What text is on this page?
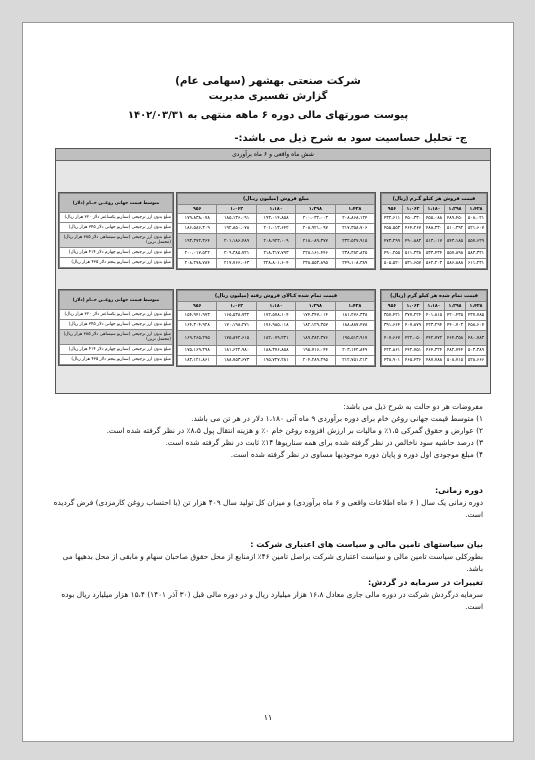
شرکت صنعتی بهشهر (سهامی عام)
گزارش تفسیری مدیریت
پیوست صورتهای مالی دوره ۶ ماهه منتهی به ۱۴۰۲/۰۳/۳۱
ج- تحلیل حساسیت سود به شرح ذیل می باشد:-
شش ماه واقعی و ۶ ماه برآوردی
قیمت فروش هر کیلو گـرم (ریال)				
۱،۴۲۸	۱،۲۹۸	۱،۱۸۰	۱،۰۶۲	۹۵۶
۵۰۸،۰۲۱	۴۸۹،۴۵۰	۴۵۵،۰۸۸	۴۵۰،۳۳۰	۴۳۲،۶۱۱
۵۲۱،۶۰۷	۵۱۰،۳۹۲	۴۸۸،۳۳۰	۴۶۴،۲۶۷	۴۵۵،۵۵۳
۵۵۷،۶۲۹	۵۴۳،۱۸۵	۵۱۳،۰۱۷	۴۹۰،۸۸۳	۴۷۳،۲۹۹
۵۸۳،۳۲۱	۵۵۷،۸۹۸	۵۳۳،۴۳۴	۵۱۱،۳۳۸	۴۹۰،۲۵۵
۶۱۱،۲۳۱	۵۸۶،۸۸۸	۵۶۲،۲۰۳	۵۳۱،۶۵۷	۵۰۵،۵۲۰
مبلغ فروش (میلیون ریـال)				
۱،۴۲۸	۱،۲۹۸	۱،۱۸۰	۱،۰۶۲	۹۵۶
۲۰۸،۸۶۸،۱۲۴	۲۰۰،۰۳۲،۰۰۳	۱۹۳،۰۱۴،۸۵۸	۱۸۵،۱۳۶،۰۹۱	۱۷۹،۸۳۸،۰۷۸
۲۱۷،۳۵۸،۷۰۶	۲۰۸،۹۲۱،۰۹۷	۲۰۱،۰۱۳،۶۴۲	۱۹۲،۸۵۰،۰۷۸	۱۸۶،۵۸۶،۳۰۹
۲۳۲،۵۲۷،۹۱۵	۲۱۸،۰۸۹،۳۷۷	۲۰۸،۹۲۳،۰۰۹	۲۰۱،۱۸۶،۴۸۹	۱۹۳،۳۷۲،۳۶۴
۲۳۸،۳۸۲،۸۲۵	۲۲۸،۱۶۱،۴۴۶	۲۱۸،۳۱۷،۷۹۳	۲۰۹،۳۸۵،۷۲۱	۲۰۰،۰۱۷،۵۲۲
۲۴۹،۱۰۸،۳۸۹	۲۳۸،۵۵۳،۸۹۵	۲۲۸،۸۰۱،۶۰۴	۲۱۷،۷۶۶،۰۶۳	۲۰۸،۲۷۸،۷۸۴
متوسط قیمت جهانی روغــن خــام (دلار)
مبلغ بدون ارز ترجیحی (سناریو یکساعتر دلار ۳۲۰ هزار ریال)
مبلغ بدون ارز ترجیحی (سناریو جهانی دلار ۳۴۵ هزار ریال)
مبلغ بدون ارز ترجیحی (سناریو سیساهی دلار ۳۸۵ هزار ریال) (محتمل ترین)
مبلغ بدون ارز ترجیحی (سناریو چهارم دلار ۴۱۴ هزار ریال)
مبلغ بدون ارز ترجیحی (سناریو پنجم دلار ۴۳۵ هزار ریال)
قیمت تمام شده هر کیلو گرم (ریال)				
۱،۴۲۸	۱،۲۹۸	۱،۱۸۰	۱،۰۶۲	۹۵۶
۴۳۷،۷۸۵	۴۲۰،۴۳۵	۴۰۱،۸۱۵	۳۷۷،۲۲۴	۳۵۷،۴۲۱
۴۵۸،۶۰۷	۴۴۰،۷۰۳	۴۲۳،۲۹۴	۴۰۷،۸۷۹	۳۹۱،۶۶۴
۴۸۰،۷۸۳	۴۶۴،۳۵۸	۴۴۲،۷۷۲	۴۲۲،۰۵۰	۴۰۷،۶۶۷
۵۰۳،۳۸۹	۴۸۲،۷۴۴	۴۶۴،۳۲۴	۴۴۲،۷۵۱	۴۲۲،۸۶۱
۵۲۸،۶۶۶	۵۰۸،۷۱۵	۴۸۷،۷۸۸	۴۶۵،۴۳۶	۴۳۸،۹۰۱
قیمت تمام شده کـالای فروش رفته (میلیون ریال)				
۱،۴۲۸	۱،۲۹۸	۱،۱۸۰	۱،۰۶۲	۹۵۶
۱۸۱،۲۷۶،۳۳۸	۱۷۴،۳۴۷،۰۱۴	۱۷۲،۵۷۸،۱۰۴	۱۶۵،۵۳۸،۷۳۲	۱۵۴،۹۴۱،۹۷۳
۱۸۸،۸۸۷،۴۷۸	۱۸۲،۱۲۹،۳۵۷	۱۷۶،۹۸۵،۰۱۸	۱۷۰،۱۹۸،۲۷۱	۱۶۴،۳۰۴،۹۲۸
۱۹۵،۵۱۳،۹۱۷	۱۸۹،۳۸۲،۳۷۶	۱۸۲،۰۷۹،۲۳۱	۱۷۵،۸۴۲،۶۱۵	۱۶۹،۲۶۵،۲۹۵
۲۰۳،۱۴۲،۸۴۹	۱۹۵،۷۱۶،۰۴۴	۱۸۸،۳۷۶،۸۵۸	۱۸۱،۶۲۲،۹۸۰	۱۷۵،۱۶۹،۳۹۸
۲۱۲،۷۵۱،۲۱۳	۲۰۴،۲۸۹،۲۹۵	۱۹۵،۷۲۷،۲۸۱	۱۸۸،۷۵۳،۶۷۳	۱۸۳،۱۲۱،۸۶۱
متوسط قیمت جهانی روغــن خــام (دلار)
مبلغ بدون ارز ترجیحی (سناریو یکساعتر دلار ۳۲۰ هزار ریال)
مبلغ بدون ارز ترجیحی (سناریو جهانی دلار ۳۴۵ هزار ریال)
مبلغ بدون ارز ترجیحی (سناریو سیساهی دلار ۳۸۵ هزار ریال) (محتمل ترین)
مبلغ بدون ارز ترجیحی (سناریو چهارم دلار ۴۱۴ هزار ریال)
مبلغ بدون ارز ترجیحی (سناریو پنجم دلار ۴۳۵ هزار ریال)

مفروضات هر دو حالت به شرح ذیل می باشد:

۱) متوسط قیمت جهانی روغن خام برای دوره برآوردی ۹ ماه آتی ۱،۱۸۰ دلار در هر تن می باشد.

۲) عوارض و حقوق گمرکی ۱،۵٪ و مالیات بر ارزش افزوده روغن خام ۰٪ و هزینه انتقال پول ۸،۵٪ در نظر گرفته شده است.

۳) درصد حاشیه سود ناخالص در نظر گرفته شده برای همه سناریوها ۱۴٪ ثابت در نظر گرفته شده است.

۴) مبلغ موجودی اول دوره و پایان دوره موجودیها مساوی در نظر گرفته شده است.

دوره زمانی:

دوره زمانی یک سال ( ۶ ماه اطلاعات واقعی و ۶ ماه برآوردی) و میزان کل تولید سال ۴۰۹ هزار تن (با احتساب روغن کارمزدی) فرض گردیده است.

بیان سیاستهای تامین مالی و سیاست های اعتباری شرکت :

بطورکلی سیاست تامین مالی و سیاست اعتباری شرکت براصل تامین ۴۶٪ ازمنابع از محل حقوق صاحبان سهام و مابقی از محل بدهیها می باشد.

تغییرات در سرمایه در گردش:

سرمایه درگردش شرکت در دوره مالی جاری معادل ۱۶،۸ هزار میلیارد ریال و در دوره مالی قبل (۳۰ آذر ۱۴۰۱) ۱۵،۴ هزار میلیارد ریال بوده است.

۱۱
